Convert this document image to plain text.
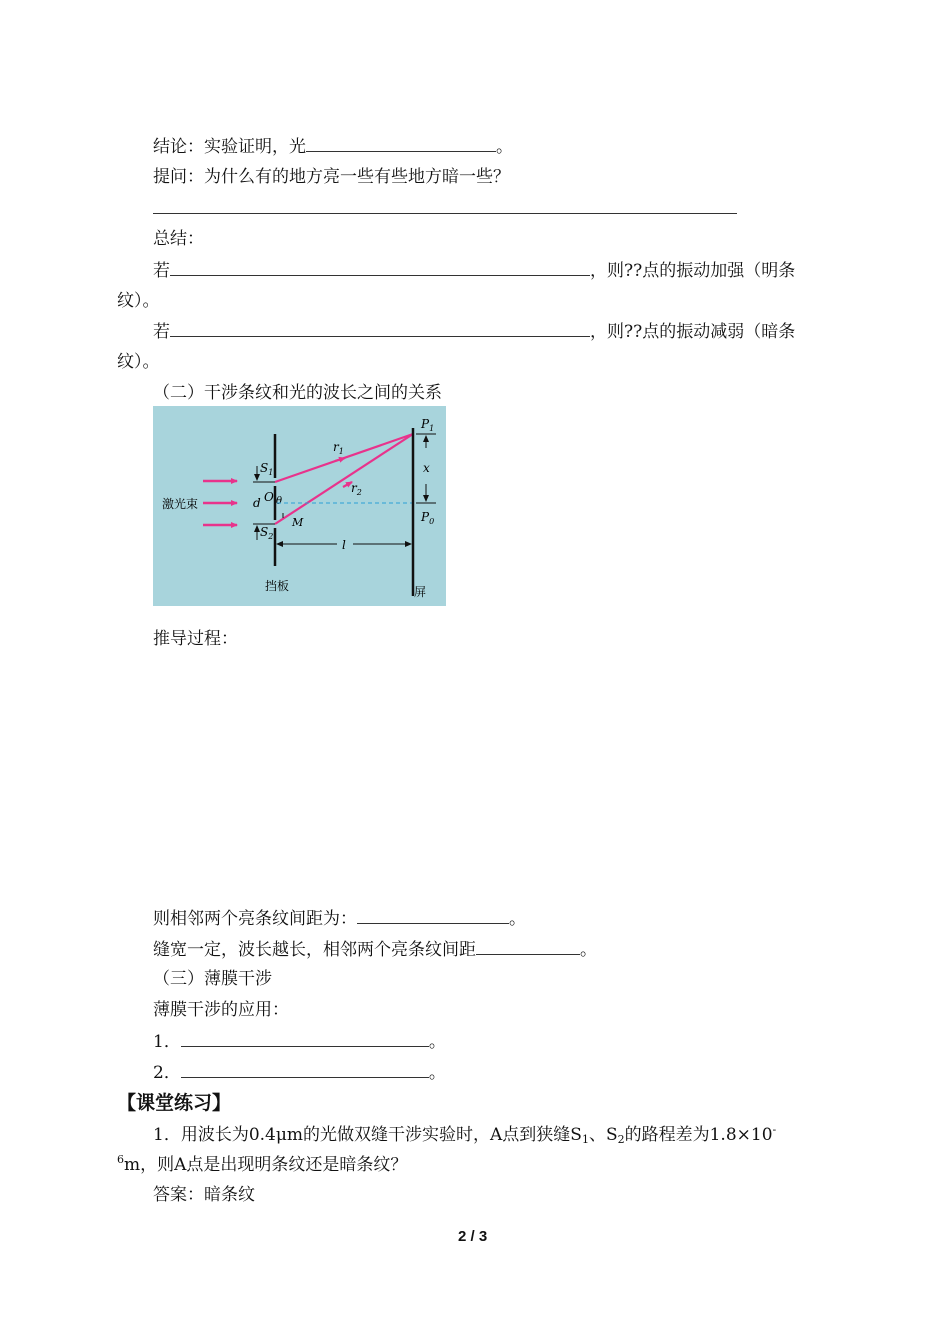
结论：实验证明，光	。
提问：为什么有的地方亮一些有些地方暗一些？
总结：
若	，则??点的振动加强（明条
纹）。
若	，则??点的振动减弱（暗条
纹）。
（二）干涉条纹和光的波长之间的关系
激光束
$S_1$
$S_2$
d O θ
M
$r_1$
$r_2$
$P_1$
$P_0$
x
l
挡板	屏
推导过程：
则相邻两个亮条纹间距为：	。
缝宽一定，波长越长，相邻两个亮条纹间距	。
（三）薄膜干涉
薄膜干涉的应用：
1．	。
2．	。
【课堂练习】
1．用波长为0.4μm的光做双缝干涉实验时，A点到狭缝$S_1$、$S_2$的路程差为1.8×10-
$^6$m，则A点是出现明条纹还是暗条纹？
答案：暗条纹
2 / 3
